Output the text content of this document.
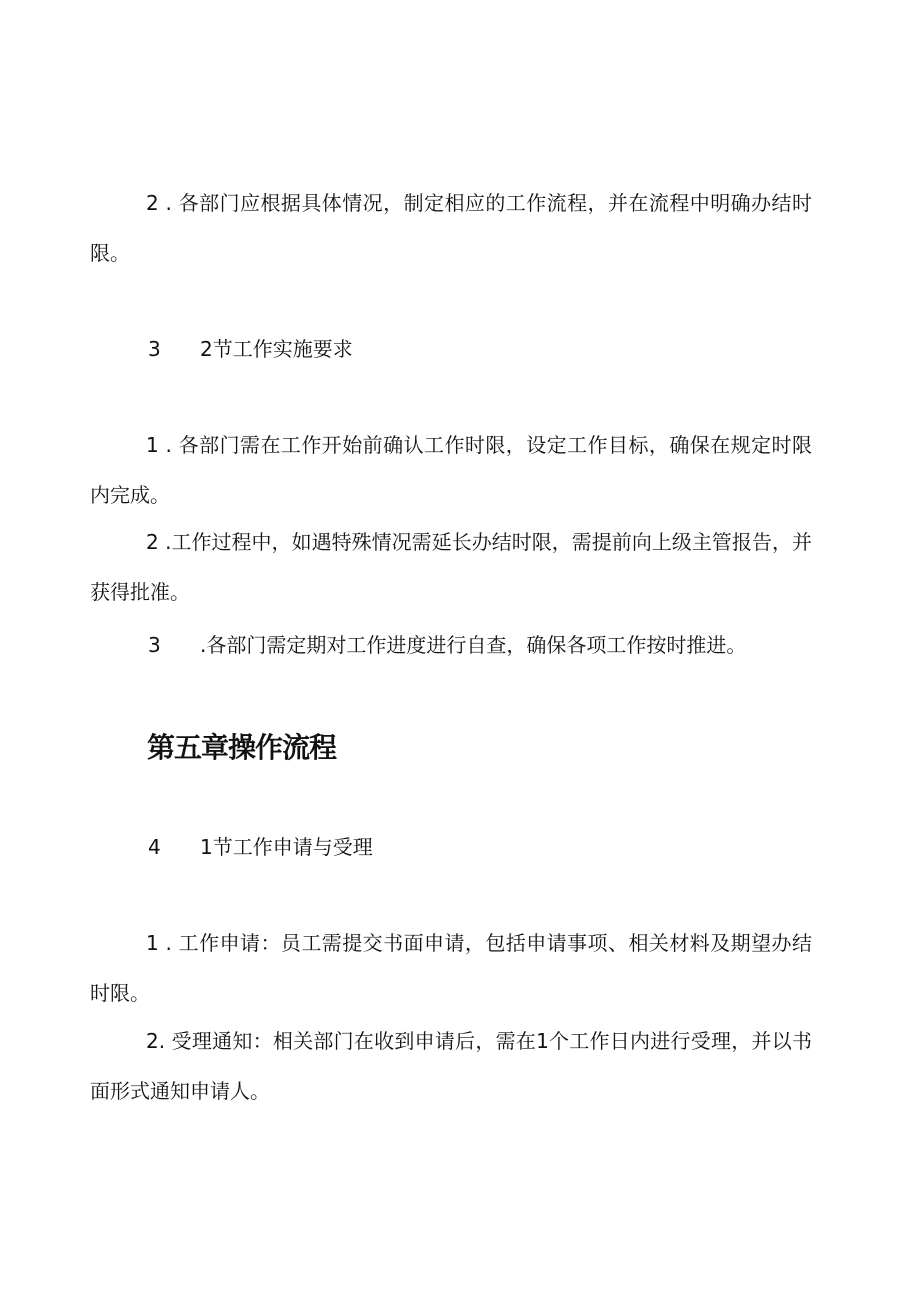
2 . 各部门应根据具体情况，制定相应的工作流程，并在流程中明确办结时限。

3 2节工作实施要求

1 . 各部门需在工作开始前确认工作时限，设定工作目标，确保在规定时限内完成。

2 .工作过程中，如遇特殊情况需延长办结时限，需提前向上级主管报告，并获得批准。

3 .各部门需定期对工作进度进行自查，确保各项工作按时推进。

第五章操作流程

4 1节工作申请与受理

1 . 工作申请：员工需提交书面申请，包括申请事项、相关材料及期望办结时限。

2. 受理通知：相关部门在收到申请后，需在1个工作日内进行受理，并以书面形式通知申请人。
